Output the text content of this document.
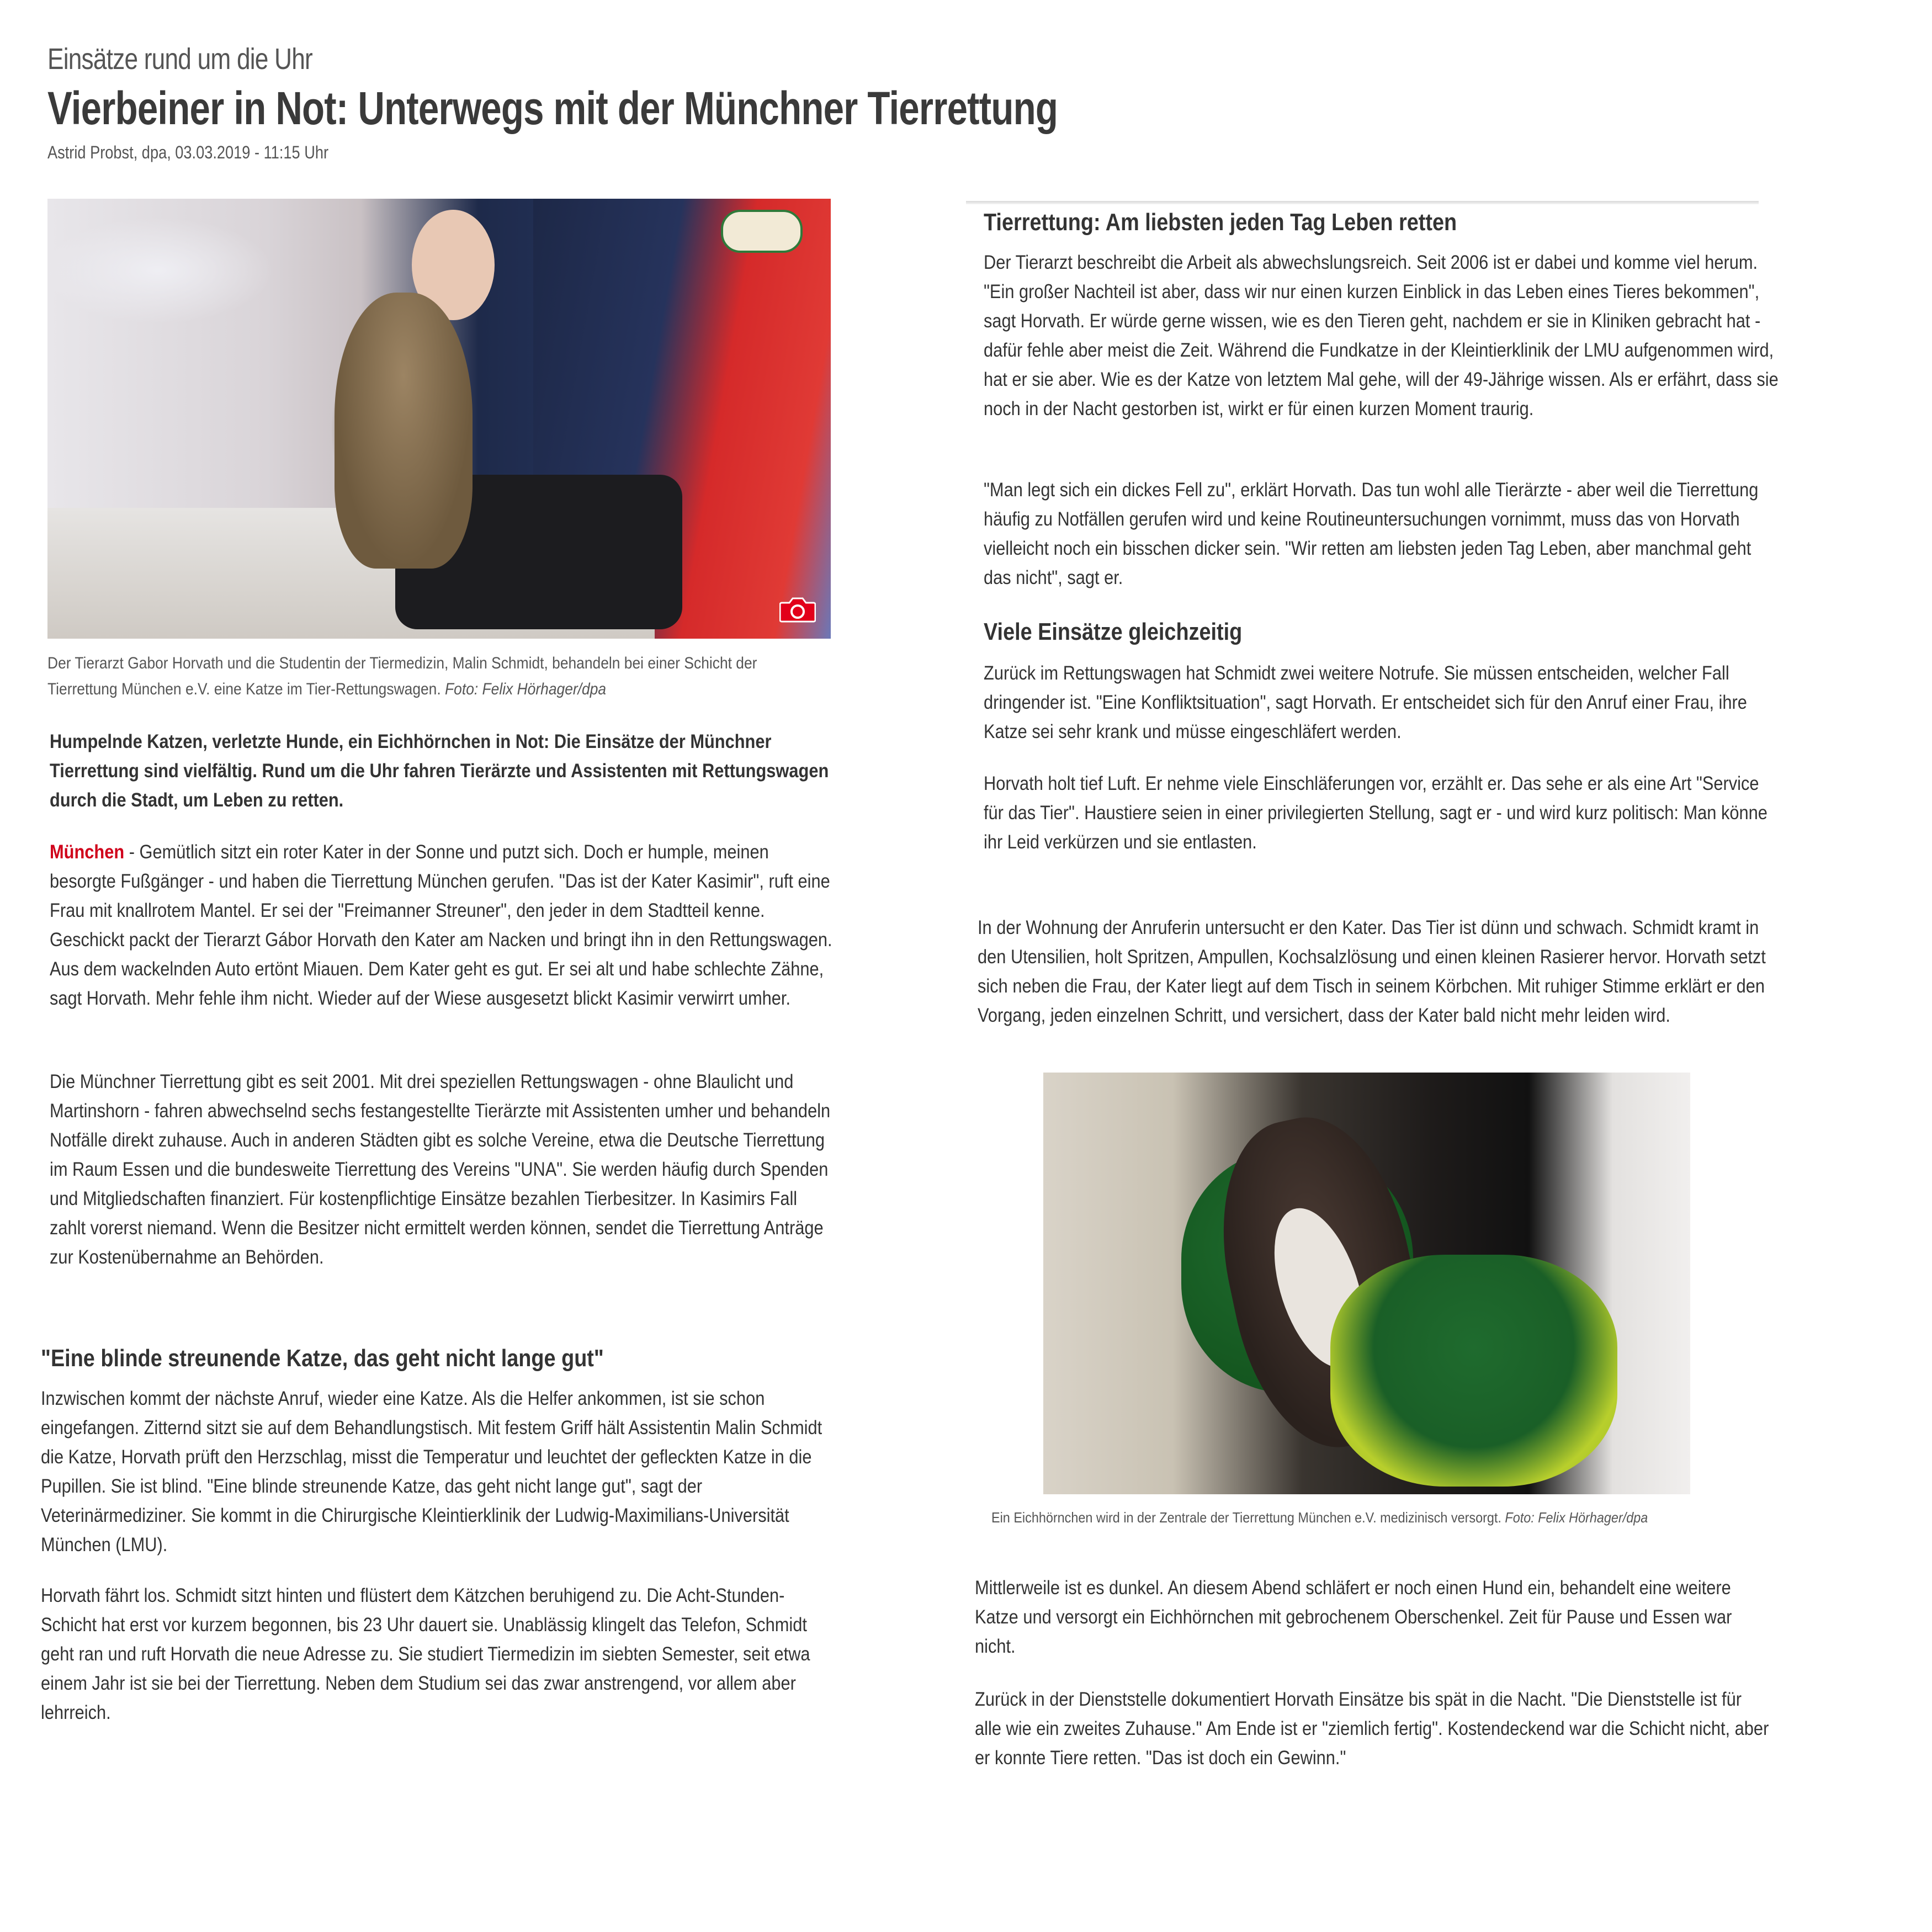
Einsätze rund um die Uhr
Vierbeiner in Not: Unterwegs mit der Münchner Tierrettung
Astrid Probst, dpa, 03.03.2019 - 11:15 Uhr
Der Tierarzt Gabor Horvath und die Studentin der Tiermedizin, Malin Schmidt, behandeln bei einer Schicht der Tierrettung München e.V. eine Katze im Tier-Rettungswagen. Foto: Felix Hörhager/dpa

Humpelnde Katzen, verletzte Hunde, ein Eichhörnchen in Not: Die Einsätze der Münchner Tierrettung sind vielfältig. Rund um die Uhr fahren Tierärzte und Assistenten mit Rettungswagen durch die Stadt, um Leben zu retten.

München - Gemütlich sitzt ein roter Kater in der Sonne und putzt sich. Doch er humple, meinen besorgte Fußgänger - und haben die Tierrettung München gerufen. "Das ist der Kater Kasimir", ruft eine Frau mit knallrotem Mantel. Er sei der "Freimanner Streuner", den jeder in dem Stadtteil kenne. Geschickt packt der Tierarzt Gábor Horvath den Kater am Nacken und bringt ihn in den Rettungswagen. Aus dem wackelnden Auto ertönt Miauen. Dem Kater geht es gut. Er sei alt und habe schlechte Zähne, sagt Horvath. Mehr fehle ihm nicht. Wieder auf der Wiese ausgesetzt blickt Kasimir verwirrt umher.

Die Münchner Tierrettung gibt es seit 2001. Mit drei speziellen Rettungswagen - ohne Blaulicht und Martinshorn - fahren abwechselnd sechs festangestellte Tierärzte mit Assistenten umher und behandeln Notfälle direkt zuhause. Auch in anderen Städten gibt es solche Vereine, etwa die Deutsche Tierrettung im Raum Essen und die bundesweite Tierrettung des Vereins "UNA". Sie werden häufig durch Spenden und Mitgliedschaften finanziert. Für kostenpflichtige Einsätze bezahlen Tierbesitzer. In Kasimirs Fall zahlt vorerst niemand. Wenn die Besitzer nicht ermittelt werden können, sendet die Tierrettung Anträge zur Kostenübernahme an Behörden.

"Eine blinde streunende Katze, das geht nicht lange gut"

Inzwischen kommt der nächste Anruf, wieder eine Katze. Als die Helfer ankommen, ist sie schon eingefangen. Zitternd sitzt sie auf dem Behandlungstisch. Mit festem Griff hält Assistentin Malin Schmidt die Katze, Horvath prüft den Herzschlag, misst die Temperatur und leuchtet der gefleckten Katze in die Pupillen. Sie ist blind. "Eine blinde streunende Katze, das geht nicht lange gut", sagt der Veterinärmediziner. Sie kommt in die Chirurgische Kleintierklinik der Ludwig-Maximilians-Universität München (LMU).

Horvath fährt los. Schmidt sitzt hinten und flüstert dem Kätzchen beruhigend zu. Die Acht-Stunden-Schicht hat erst vor kurzem begonnen, bis 23 Uhr dauert sie. Unablässig klingelt das Telefon, Schmidt geht ran und ruft Horvath die neue Adresse zu. Sie studiert Tiermedizin im siebten Semester, seit etwa einem Jahr ist sie bei der Tierrettung. Neben dem Studium sei das zwar anstrengend, vor allem aber lehrreich.

Tierrettung: Am liebsten jeden Tag Leben retten

Der Tierarzt beschreibt die Arbeit als abwechslungsreich. Seit 2006 ist er dabei und komme viel herum. "Ein großer Nachteil ist aber, dass wir nur einen kurzen Einblick in das Leben eines Tieres bekommen", sagt Horvath. Er würde gerne wissen, wie es den Tieren geht, nachdem er sie in Kliniken gebracht hat - dafür fehle aber meist die Zeit. Während die Fundkatze in der Kleintierklinik der LMU aufgenommen wird, hat er sie aber. Wie es der Katze von letztem Mal gehe, will der 49-Jährige wissen. Als er erfährt, dass sie noch in der Nacht gestorben ist, wirkt er für einen kurzen Moment traurig.

"Man legt sich ein dickes Fell zu", erklärt Horvath. Das tun wohl alle Tierärzte - aber weil die Tierrettung häufig zu Notfällen gerufen wird und keine Routineuntersuchungen vornimmt, muss das von Horvath vielleicht noch ein bisschen dicker sein. "Wir retten am liebsten jeden Tag Leben, aber manchmal geht das nicht", sagt er.

Viele Einsätze gleichzeitig

Zurück im Rettungswagen hat Schmidt zwei weitere Notrufe. Sie müssen entscheiden, welcher Fall dringender ist. "Eine Konfliktsituation", sagt Horvath. Er entscheidet sich für den Anruf einer Frau, ihre Katze sei sehr krank und müsse eingeschläfert werden.

Horvath holt tief Luft. Er nehme viele Einschläferungen vor, erzählt er. Das sehe er als eine Art "Service für das Tier". Haustiere seien in einer privilegierten Stellung, sagt er - und wird kurz politisch: Man könne ihr Leid verkürzen und sie entlasten.

In der Wohnung der Anruferin untersucht er den Kater. Das Tier ist dünn und schwach. Schmidt kramt in den Utensilien, holt Spritzen, Ampullen, Kochsalzlösung und einen kleinen Rasierer hervor. Horvath setzt sich neben die Frau, der Kater liegt auf dem Tisch in seinem Körbchen. Mit ruhiger Stimme erklärt er den Vorgang, jeden einzelnen Schritt, und versichert, dass der Kater bald nicht mehr leiden wird.

Ein Eichhörnchen wird in der Zentrale der Tierrettung München e.V. medizinisch versorgt. Foto: Felix Hörhager/dpa

Mittlerweile ist es dunkel. An diesem Abend schläfert er noch einen Hund ein, behandelt eine weitere Katze und versorgt ein Eichhörnchen mit gebrochenem Oberschenkel. Zeit für Pause und Essen war nicht.

Zurück in der Dienststelle dokumentiert Horvath Einsätze bis spät in die Nacht. "Die Dienststelle ist für alle wie ein zweites Zuhause." Am Ende ist er "ziemlich fertig". Kostendeckend war die Schicht nicht, aber er konnte Tiere retten. "Das ist doch ein Gewinn."
